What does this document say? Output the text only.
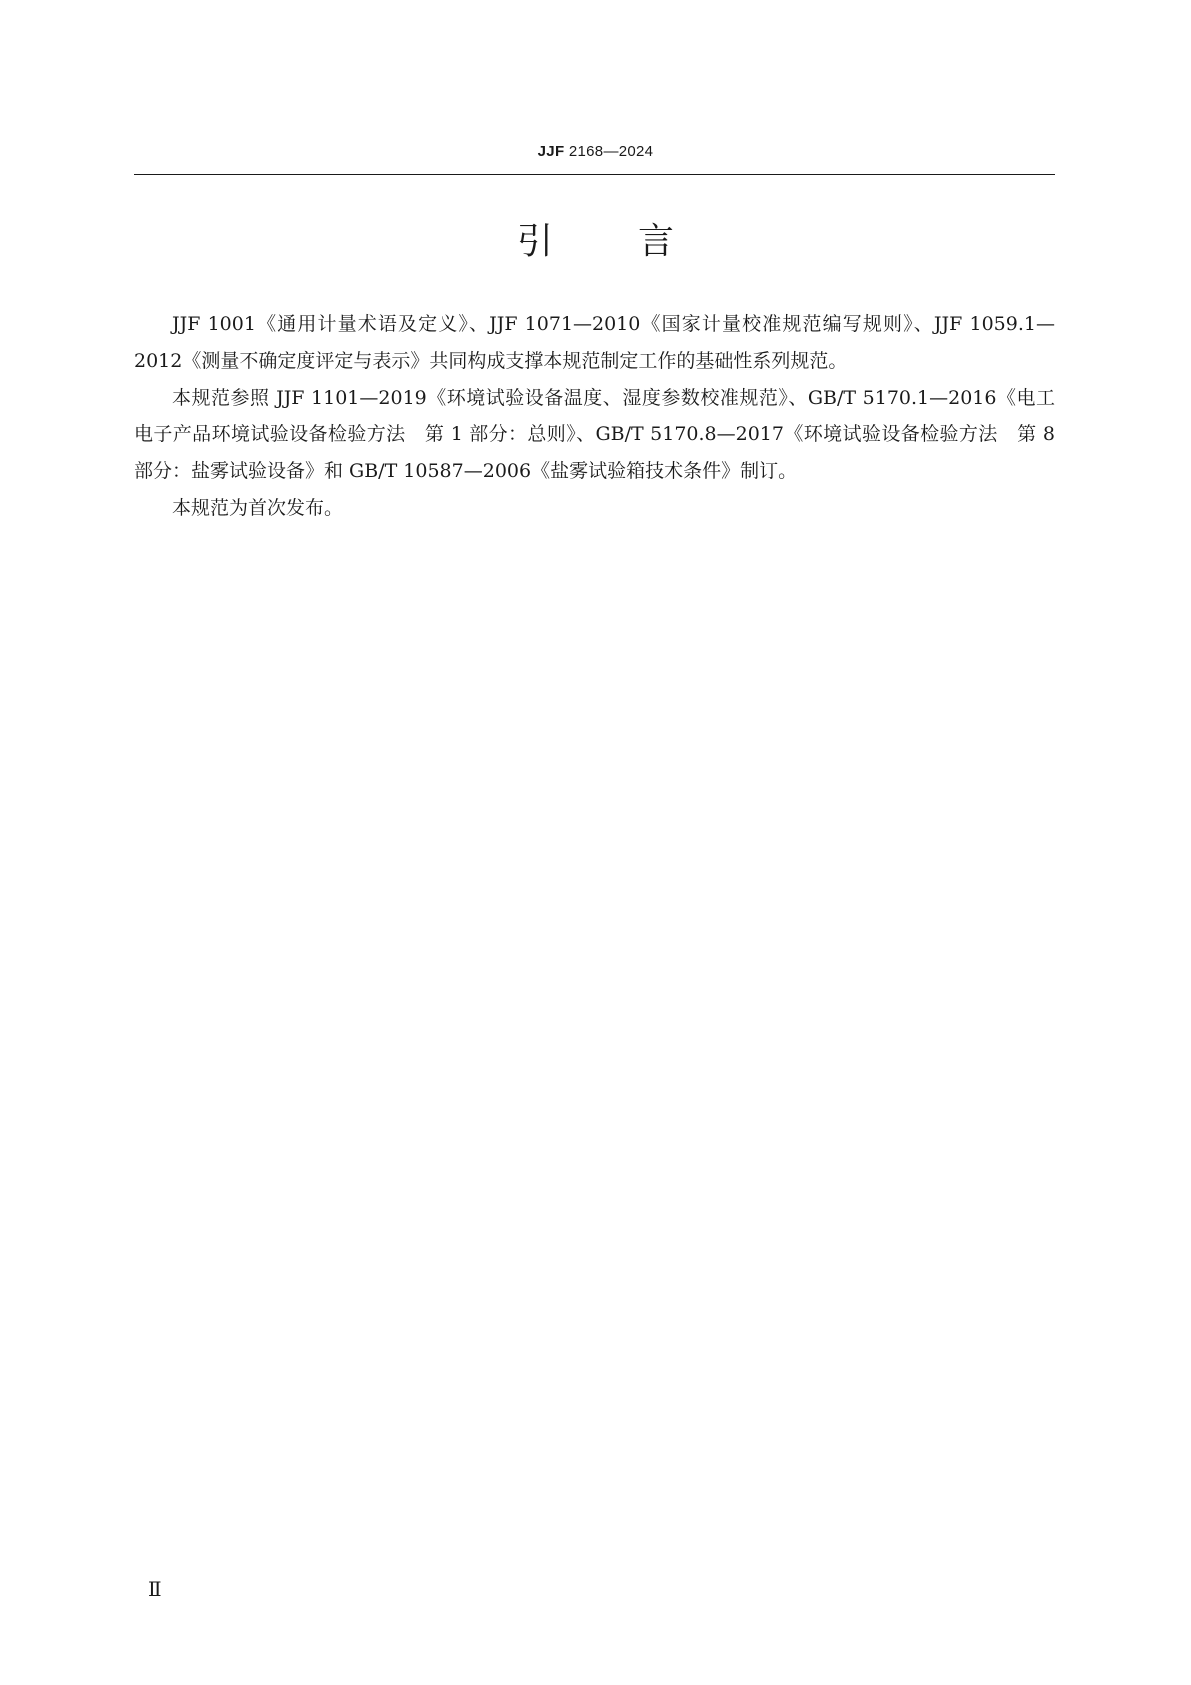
JJF 2168—2024
引 言

JJF 1001《通用计量术语及定义》、JJF 1071—2010《国家计量校准规范编写规则》、JJF 1059.1—2012《测量不确定度评定与表示》共同构成支撑本规范制定工作的基础性系列规范。

本规范参照 JJF 1101—2019《环境试验设备温度、湿度参数校准规范》、GB/T 5170.1—2016《电工电子产品环境试验设备检验方法　第 1 部分：总则》、GB/T 5170.8—2017《环境试验设备检验方法　第 8 部分：盐雾试验设备》和 GB/T 10587—2006《盐雾试验箱技术条件》制订。

本规范为首次发布。

Ⅱ
